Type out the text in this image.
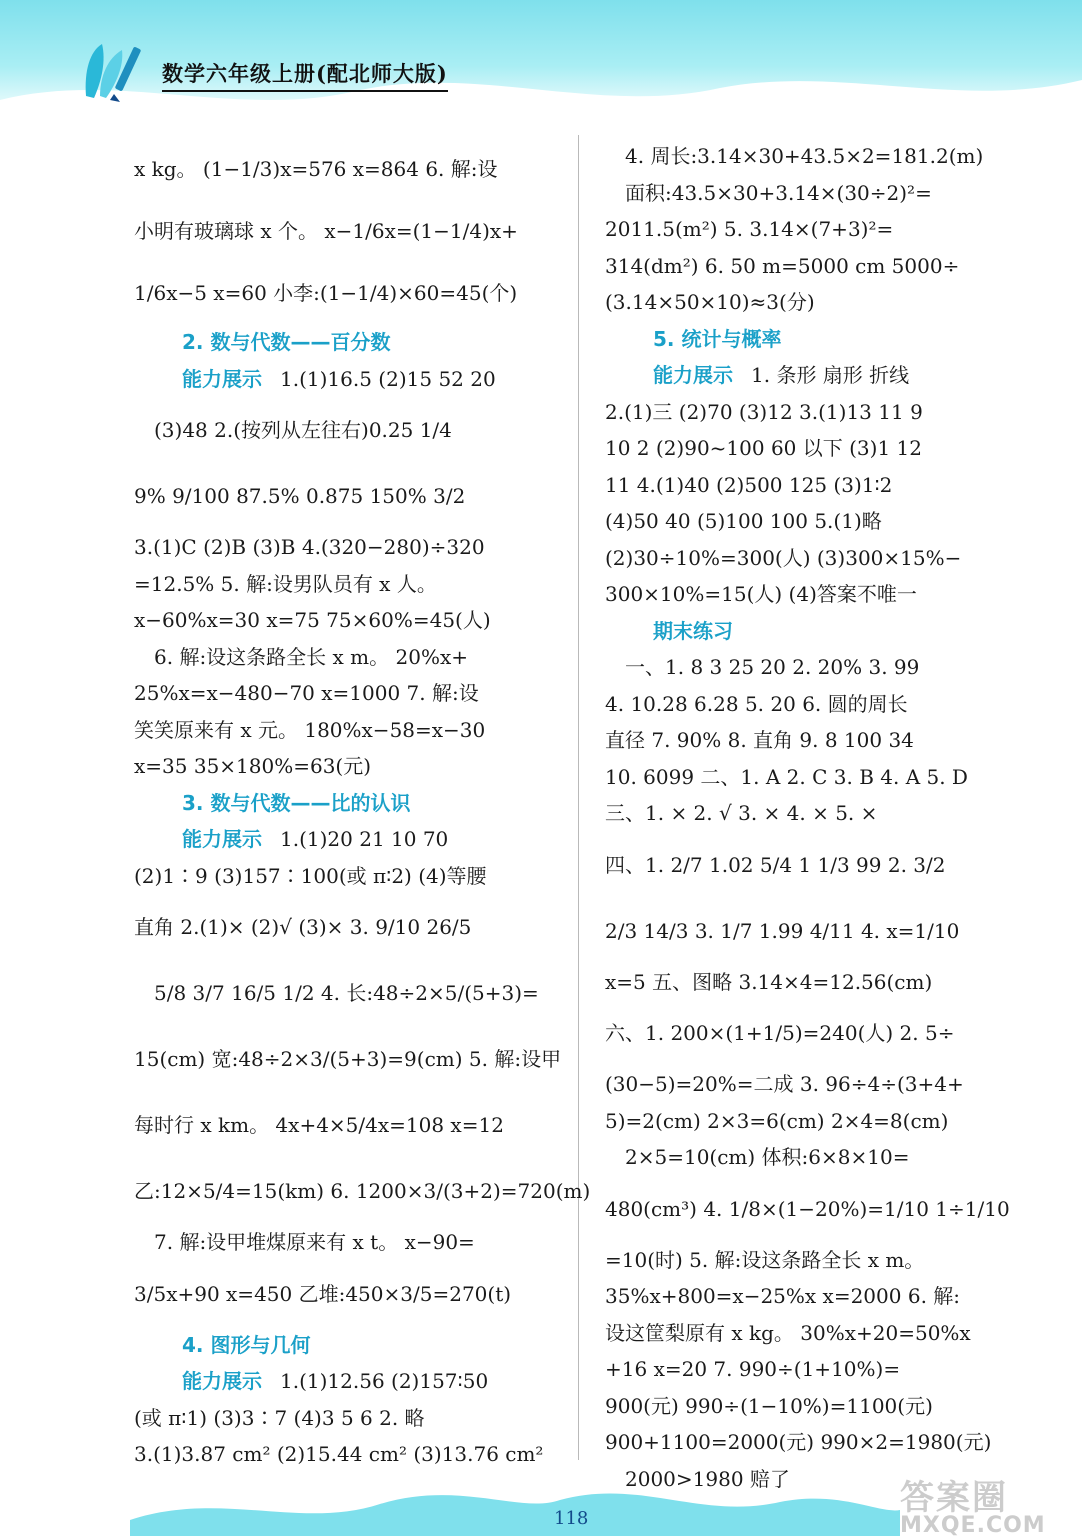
数学六年级上册(配北师大版)
x kg。 (1−1/3)x=576 x=864 6. 解:设
小明有玻璃球 x 个。 x−1/6x=(1−1/4)x+
1/6x−5 x=60 小李:(1−1/4)×60=45(个)
2. 数与代数——百分数
能力展示 1.(1)16.5 (2)15 52 20
(3)48 2.(按列从左往右)0.25 1/4
9% 9/100 87.5% 0.875 150% 3/2
3.(1)C (2)B (3)B 4.(320−280)÷320
=12.5% 5. 解:设男队员有 x 人。
x−60%x=30 x=75 75×60%=45(人)
6. 解:设这条路全长 x m。 20%x+
25%x=x−480−70 x=1000 7. 解:设
笑笑原来有 x 元。 180%x−58=x−30
x=35 35×180%=63(元)
3. 数与代数——比的认识
能力展示 1.(1)20 21 10 70
(2)1∶9 (3)157∶100(或 π∶2) (4)等腰
直角 2.(1)× (2)√ (3)× 3. 9/10 26/5
5/8 3/7 16/5 1/2 4. 长:48÷2×5/(5+3)=
15(cm) 宽:48÷2×3/(5+3)=9(cm) 5. 解:设甲
每时行 x km。 4x+4×5/4x=108 x=12
乙:12×5/4=15(km) 6. 1200×3/(3+2)=720(m)
7. 解:设甲堆煤原来有 x t。 x−90=
3/5x+90 x=450 乙堆:450×3/5=270(t)
4. 图形与几何
能力展示 1.(1)12.56 (2)157∶50
(或 π∶1) (3)3∶7 (4)3 5 6 2. 略
3.(1)3.87 cm² (2)15.44 cm² (3)13.76 cm²
4. 周长:3.14×30+43.5×2=181.2(m)
面积:43.5×30+3.14×(30÷2)²=
2011.5(m²) 5. 3.14×(7+3)²=
314(dm²) 6. 50 m=5000 cm 5000÷
(3.14×50×10)≈3(分)
5. 统计与概率
能力展示 1. 条形 扇形 折线
2.(1)三 (2)70 (3)12 3.(1)13 11 9
10 2 (2)90~100 60 以下 (3)1 12
11 4.(1)40 (2)500 125 (3)1∶2
(4)50 40 (5)100 100 5.(1)略
(2)30÷10%=300(人) (3)300×15%−
300×10%=15(人) (4)答案不唯一
期末练习
一、1. 8 3 25 20 2. 20% 3. 99
4. 10.28 6.28 5. 20 6. 圆的周长
直径 7. 90% 8. 直角 9. 8 100 34
10. 6099 二、1. A 2. C 3. B 4. A 5. D
三、1. × 2. √ 3. × 4. × 5. ×
四、1. 2/7 1.02 5/4 1 1/3 99 2. 3/2
2/3 14/3 3. 1/7 1.99 4/11 4. x=1/10
x=5 五、图略 3.14×4=12.56(cm)
六、1. 200×(1+1/5)=240(人) 2. 5÷
(30−5)=20%=二成 3. 96÷4÷(3+4+
5)=2(cm) 2×3=6(cm) 2×4=8(cm)
2×5=10(cm) 体积:6×8×10=
480(cm³) 4. 1/8×(1−20%)=1/10 1÷1/10
=10(时) 5. 解:设这条路全长 x m。
35%x+800=x−25%x x=2000 6. 解:
设这筐梨原有 x kg。 30%x+20=50%x
+16 x=20 7. 990÷(1+10%)=
900(元) 990÷(1−10%)=1100(元)
900+1100=2000(元) 990×2=1980(元)
2000>1980 赔了
118
答案圈
MXQE.COM
